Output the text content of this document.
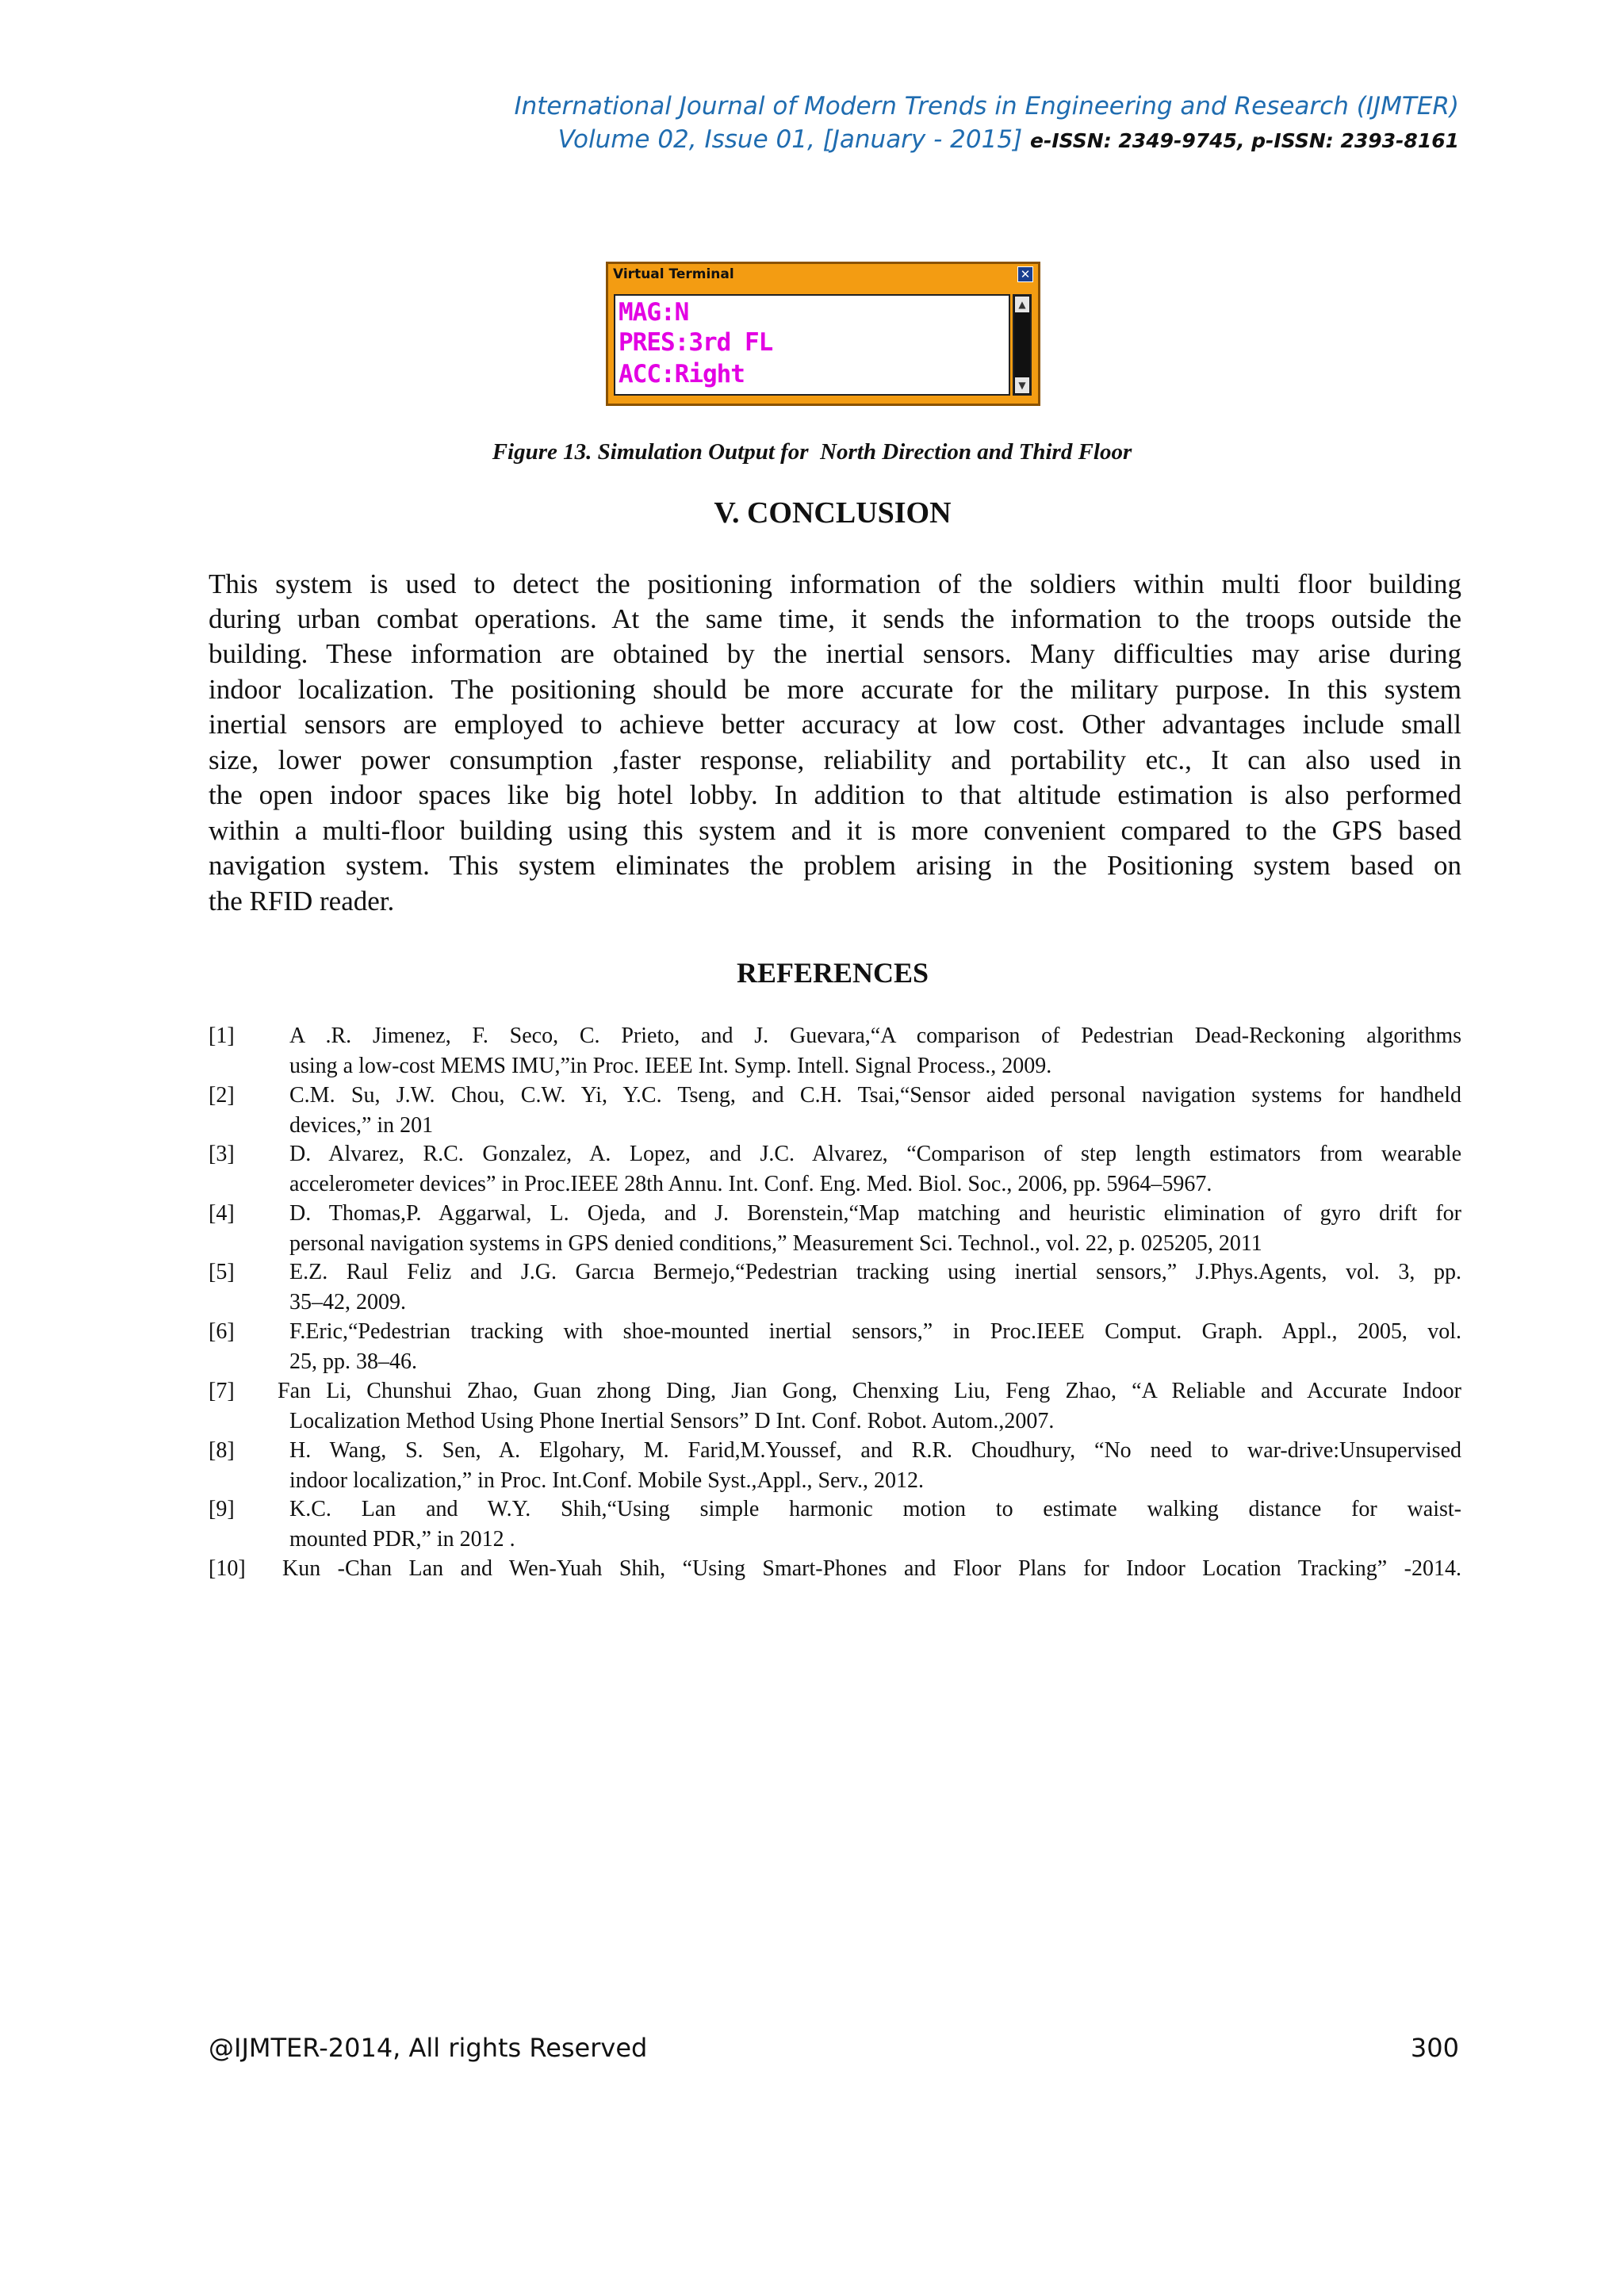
International Journal of Modern Trends in Engineering and Research (IJMTER)
Volume 02, Issue 01, [January - 2015] e-ISSN: 2349-9745, p-ISSN: 2393-8161
Virtual Terminal	✕
MAG:N
PRES:3rd FL
ACC:Right
▲
▼
Figure 13. Simulation Output for  North Direction and Third Floor
V. CONCLUSION
This system is used to detect the positioning information of the soldiers within multi floor building
during urban combat operations. At the same time, it sends the information to the troops outside the
building. These information are obtained by the inertial sensors. Many difficulties may arise during
indoor localization. The positioning should be more accurate for the military purpose. In this system
inertial sensors are employed to achieve better accuracy at low cost. Other advantages include small
size, lower power consumption ,faster response, reliability and portability etc., It can also used in
the open indoor spaces like big hotel lobby. In addition to that altitude estimation is also performed
within a multi-floor building using this system and it is more convenient compared to the GPS based
navigation system. This system eliminates the problem arising in the Positioning system based on
the RFID reader.
REFERENCES
[1] A .R. Jimenez, F. Seco, C. Prieto, and J. Guevara,“A comparison of Pedestrian Dead-Reckoning algorithms
using a low-cost MEMS IMU,”in Proc. IEEE Int. Symp. Intell. Signal Process., 2009.
[2] C.M. Su, J.W. Chou, C.W. Yi, Y.C. Tseng, and C.H. Tsai,“Sensor aided personal navigation systems for handheld
devices,” in 201
[3] D. Alvarez, R.C. Gonzalez, A. Lopez, and J.C. Alvarez, “Comparison of step length estimators from wearable
accelerometer devices” in Proc.IEEE 28th Annu. Int. Conf. Eng. Med. Biol. Soc., 2006, pp. 5964–5967.
[4] D. Thomas,P. Aggarwal, L. Ojeda, and J. Borenstein,“Map matching and heuristic elimination of gyro drift for
personal navigation systems in GPS denied conditions,” Measurement Sci. Technol., vol. 22, p. 025205, 2011
[5] E.Z. Raul Feliz and J.G. Garcıa Bermejo,“Pedestrian tracking using inertial sensors,” J.Phys.Agents, vol. 3, pp.
35–42, 2009.
[6] F.Eric,“Pedestrian tracking with shoe-mounted inertial sensors,” in Proc.IEEE Comput. Graph. Appl., 2005, vol.
25, pp. 38–46.
[7] Fan Li, Chunshui Zhao, Guan zhong Ding, Jian Gong, Chenxing Liu, Feng Zhao, “A Reliable and Accurate Indoor
Localization Method Using Phone Inertial Sensors” D Int. Conf. Robot. Autom.,2007.
[8] H. Wang, S. Sen, A. Elgohary, M. Farid,M.Youssef, and R.R. Choudhury, “No need to war-drive:Unsupervised
indoor localization,” in Proc. Int.Conf. Mobile Syst.,Appl., Serv., 2012.
[9] K.C. Lan and W.Y. Shih,“Using simple harmonic motion to estimate walking distance for waist-
mounted PDR,” in 2012 .
[10] Kun -Chan Lan and Wen-Yuah Shih, “Using Smart-Phones and Floor Plans for Indoor Location Tracking” -2014.
@IJMTER-2014, All rights Reserved	300
